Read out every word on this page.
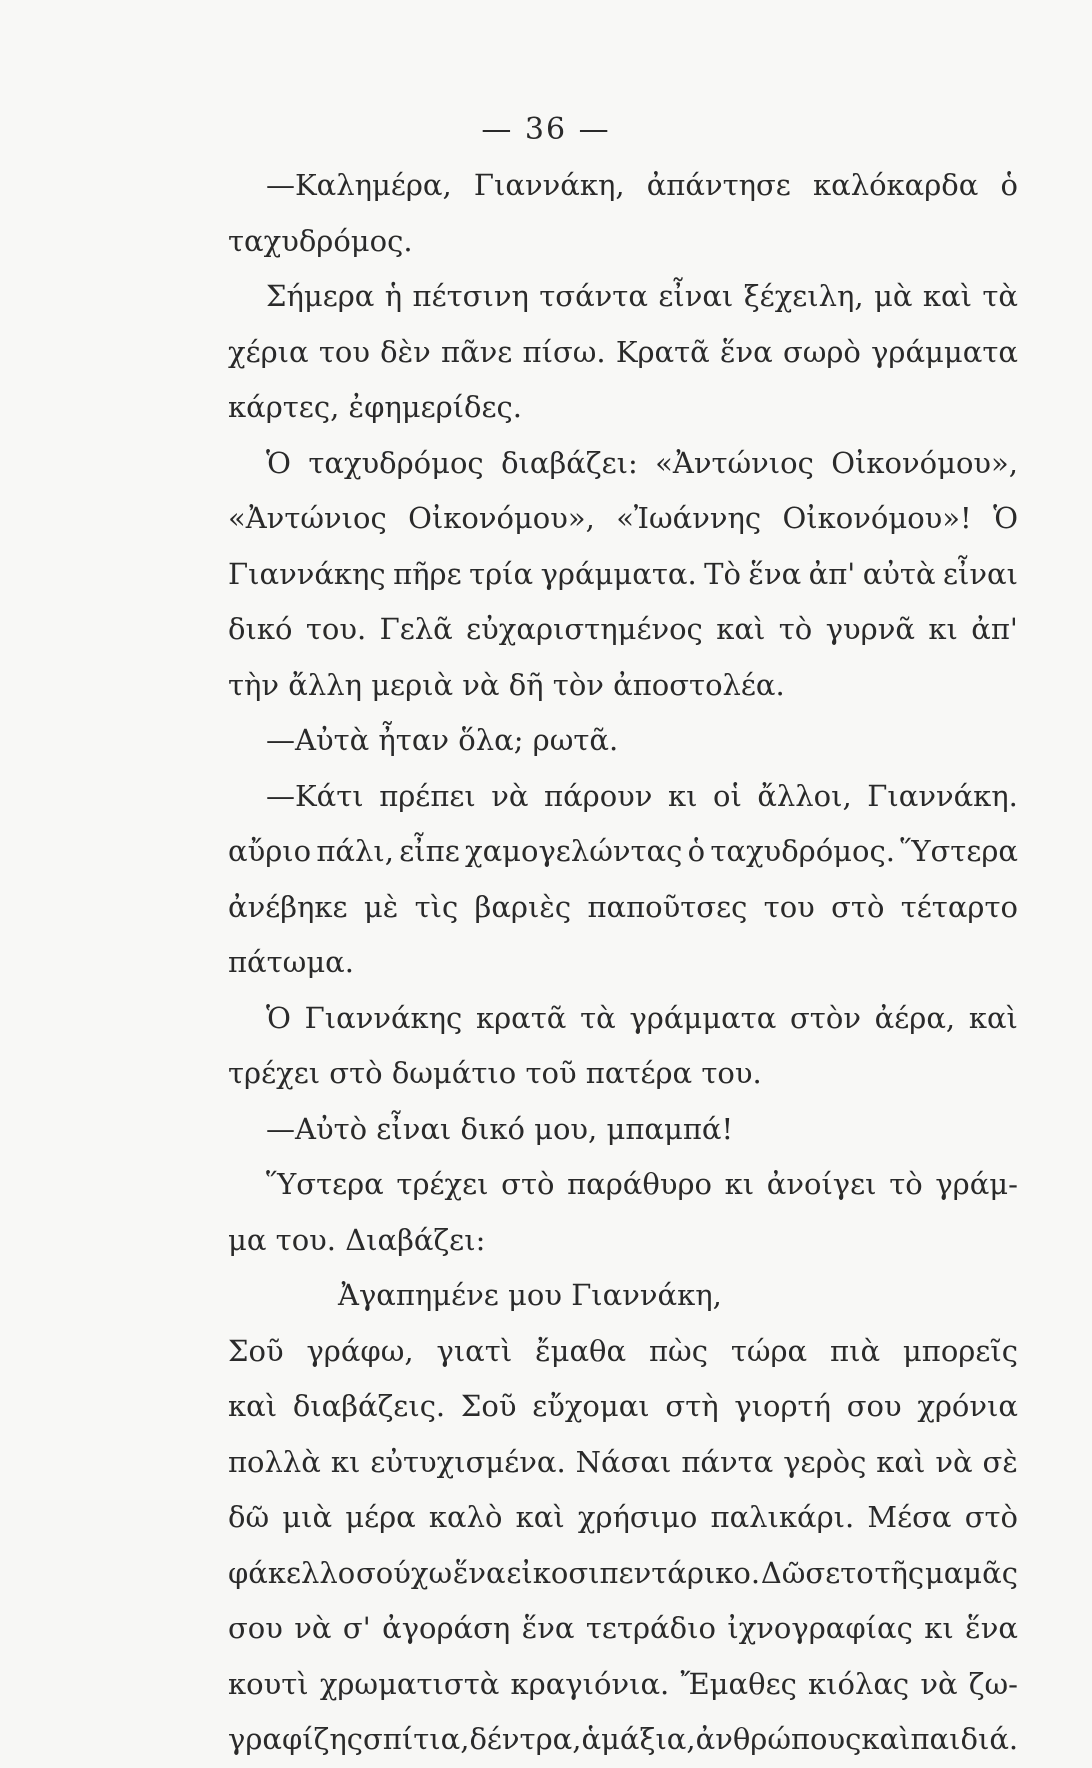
— 36 —
—Καλημέρα, Γιαννάκη, ἀπάντησε καλόκαρδα ὁ
ταχυδρόμος.
Σήμερα ἡ πέτσινη τσάντα εἶναι ξέχειλη, μὰ καὶ τὰ
χέρια του δὲν πᾶνε πίσω. Κρατᾶ ἕνα σωρὸ γράμματα
κάρτες, ἐφημερίδες.
Ὁ ταχυδρόμος διαβάζει: «Ἀντώνιος Οἰκονόμου»,
«Ἀντώνιος Οἰκονόμου», «Ἰωάννης Οἰκονόμου»! Ὁ
Γιαννάκης πῆρε τρία γράμματα. Τὸ ἕνα ἀπ' αὐτὰ εἶναι
δικό του. Γελᾶ εὐχαριστημένος καὶ τὸ γυρνᾶ κι ἀπ'
τὴν ἄλλη μεριὰ νὰ δῆ τὸν ἀποστολέα.
—Αὐτὰ ἦταν ὅλα; ρωτᾶ.
—Κάτι πρέπει νὰ πάρουν κι οἱ ἄλλοι, Γιαννάκη.
αὔριο πάλι, εἶπε χαμογελώντας ὁ ταχυδρόμος. Ὕστερα
ἀνέβηκε μὲ τὶς βαριὲς παποῦτσες του στὸ τέταρτο
πάτωμα.
Ὁ Γιαννάκης κρατᾶ τὰ γράμματα στὸν ἀέρα, καὶ
τρέχει στὸ δωμάτιο τοῦ πατέρα του.
—Αὐτὸ εἶναι δικό μου, μπαμπά!
Ὕστερα τρέχει στὸ παράθυρο κι ἀνοίγει τὸ γράμ-
μα του. Διαβάζει:
Ἀγαπημένε μου Γιαννάκη,
Σοῦ γράφω, γιατὶ ἔμαθα πὼς τώρα πιὰ μπορεῖς
καὶ διαβάζεις. Σοῦ εὔχομαι στὴ γιορτή σου χρόνια
πολλὰ κι εὐτυχισμένα. Νάσαι πάντα γερὸς καὶ νὰ σὲ
δῶ μιὰ μέρα καλὸ καὶ χρήσιμο παλικάρι. Μέσα στὸ
φάκελλο σούχω ἕνα εἰκοσιπεντάρικο. Δῶσετο τῆς μαμᾶς
σου νὰ σ' ἀγοράση ἕνα τετράδιο ἰχνογραφίας κι ἕνα
κουτὶ χρωματιστὰ κραγιόνια. Ἔμαθες κιόλας νὰ ζω-
γραφίζης σπίτια, δέντρα, ἁμάξια, ἀνθρώπους καὶ παιδιά.
